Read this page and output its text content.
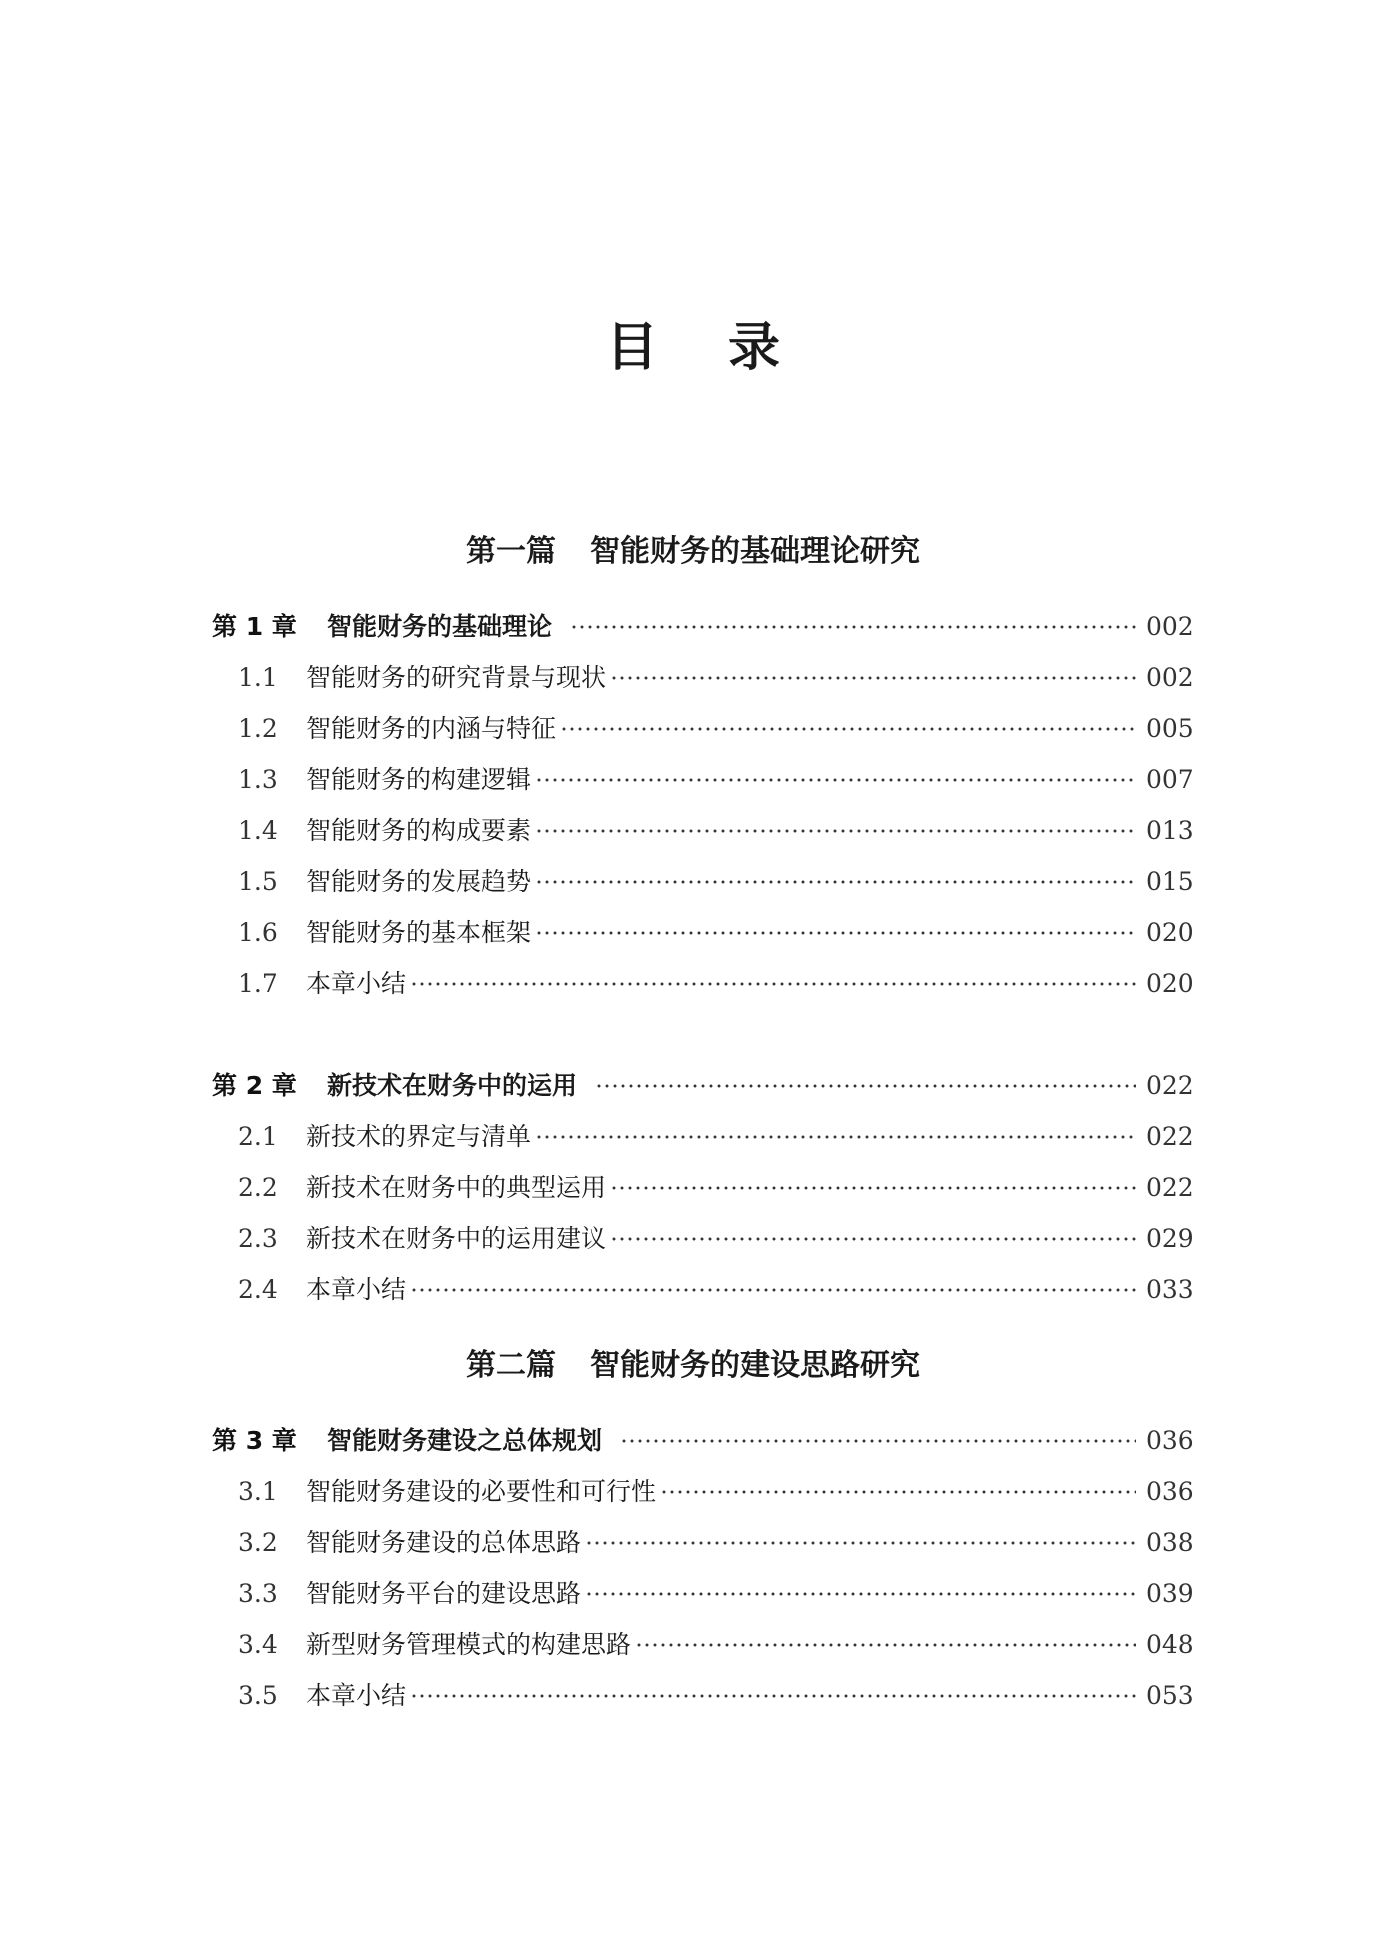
目 录
第一篇 智能财务的基础理论研究
第 1 章	智能财务的基础理论	002
1.1	智能财务的研究背景与现状	002
1.2	智能财务的内涵与特征	005
1.3	智能财务的构建逻辑	007
1.4	智能财务的构成要素	013
1.5	智能财务的发展趋势	015
1.6	智能财务的基本框架	020
1.7	本章小结	020
第 2 章	新技术在财务中的运用	022
2.1	新技术的界定与清单	022
2.2	新技术在财务中的典型运用	022
2.3	新技术在财务中的运用建议	029
2.4	本章小结	033
第二篇 智能财务的建设思路研究
第 3 章	智能财务建设之总体规划	036
3.1	智能财务建设的必要性和可行性	036
3.2	智能财务建设的总体思路	038
3.3	智能财务平台的建设思路	039
3.4	新型财务管理模式的构建思路	048
3.5	本章小结	053
